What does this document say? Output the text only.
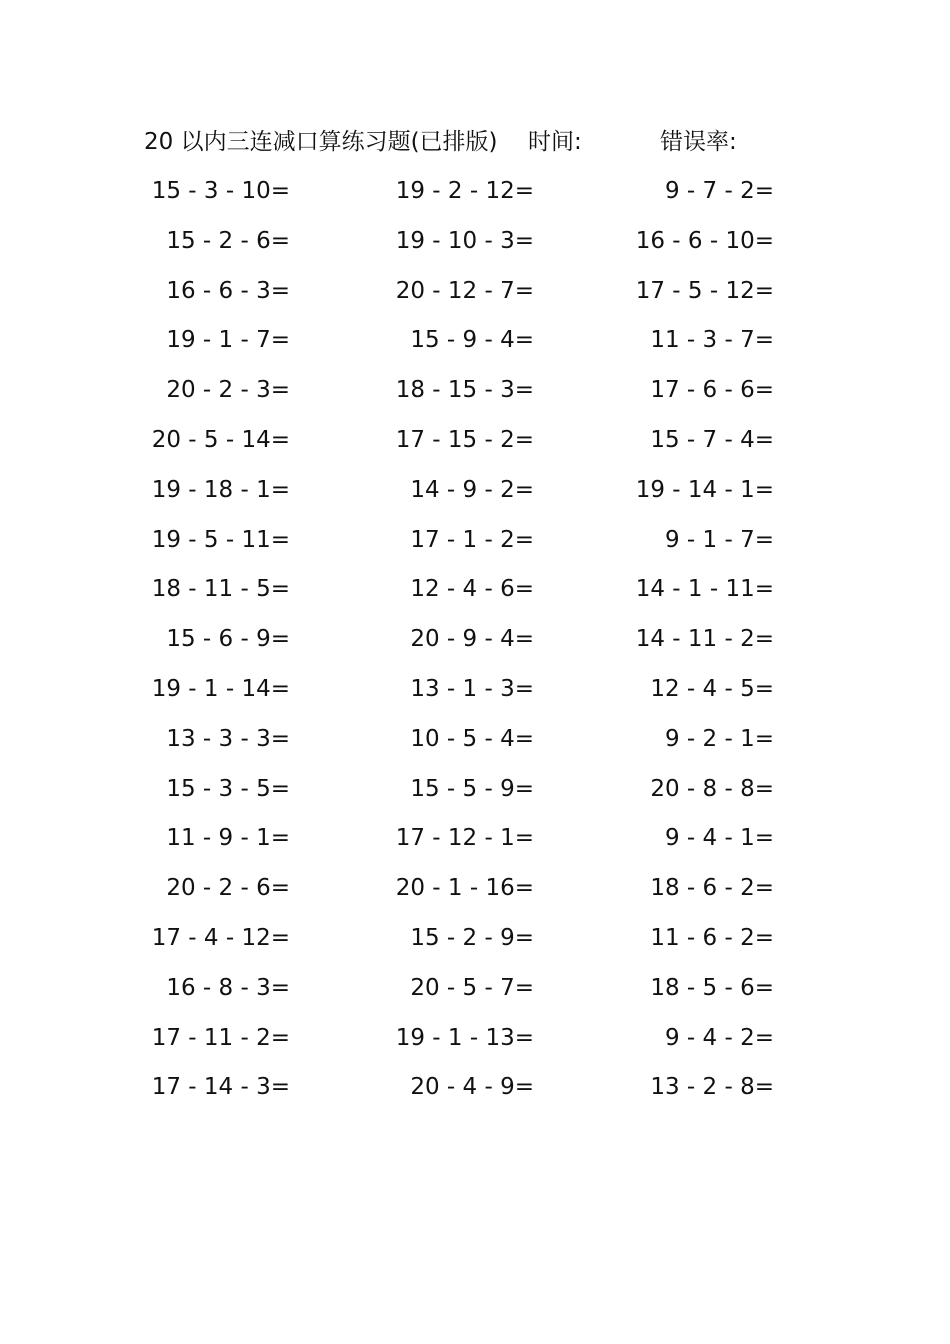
20 以内三连减口算练习题(已排版) 时间:	错误率:
15 - 3 - 10=	19 - 2 - 12=	9 - 7 - 2=
15 - 2 - 6=	19 - 10 - 3=	16 - 6 - 10=
16 - 6 - 3=	20 - 12 - 7=	17 - 5 - 12=
19 - 1 - 7=	15 - 9 - 4=	11 - 3 - 7=
20 - 2 - 3=	18 - 15 - 3=	17 - 6 - 6=
20 - 5 - 14=	17 - 15 - 2=	15 - 7 - 4=
19 - 18 - 1=	14 - 9 - 2=	19 - 14 - 1=
19 - 5 - 11=	17 - 1 - 2=	9 - 1 - 7=
18 - 11 - 5=	12 - 4 - 6=	14 - 1 - 11=
15 - 6 - 9=	20 - 9 - 4=	14 - 11 - 2=
19 - 1 - 14=	13 - 1 - 3=	12 - 4 - 5=
13 - 3 - 3=	10 - 5 - 4=	9 - 2 - 1=
15 - 3 - 5=	15 - 5 - 9=	20 - 8 - 8=
11 - 9 - 1=	17 - 12 - 1=	9 - 4 - 1=
20 - 2 - 6=	20 - 1 - 16=	18 - 6 - 2=
17 - 4 - 12=	15 - 2 - 9=	11 - 6 - 2=
16 - 8 - 3=	20 - 5 - 7=	18 - 5 - 6=
17 - 11 - 2=	19 - 1 - 13=	9 - 4 - 2=
17 - 14 - 3=	20 - 4 - 9=	13 - 2 - 8=
